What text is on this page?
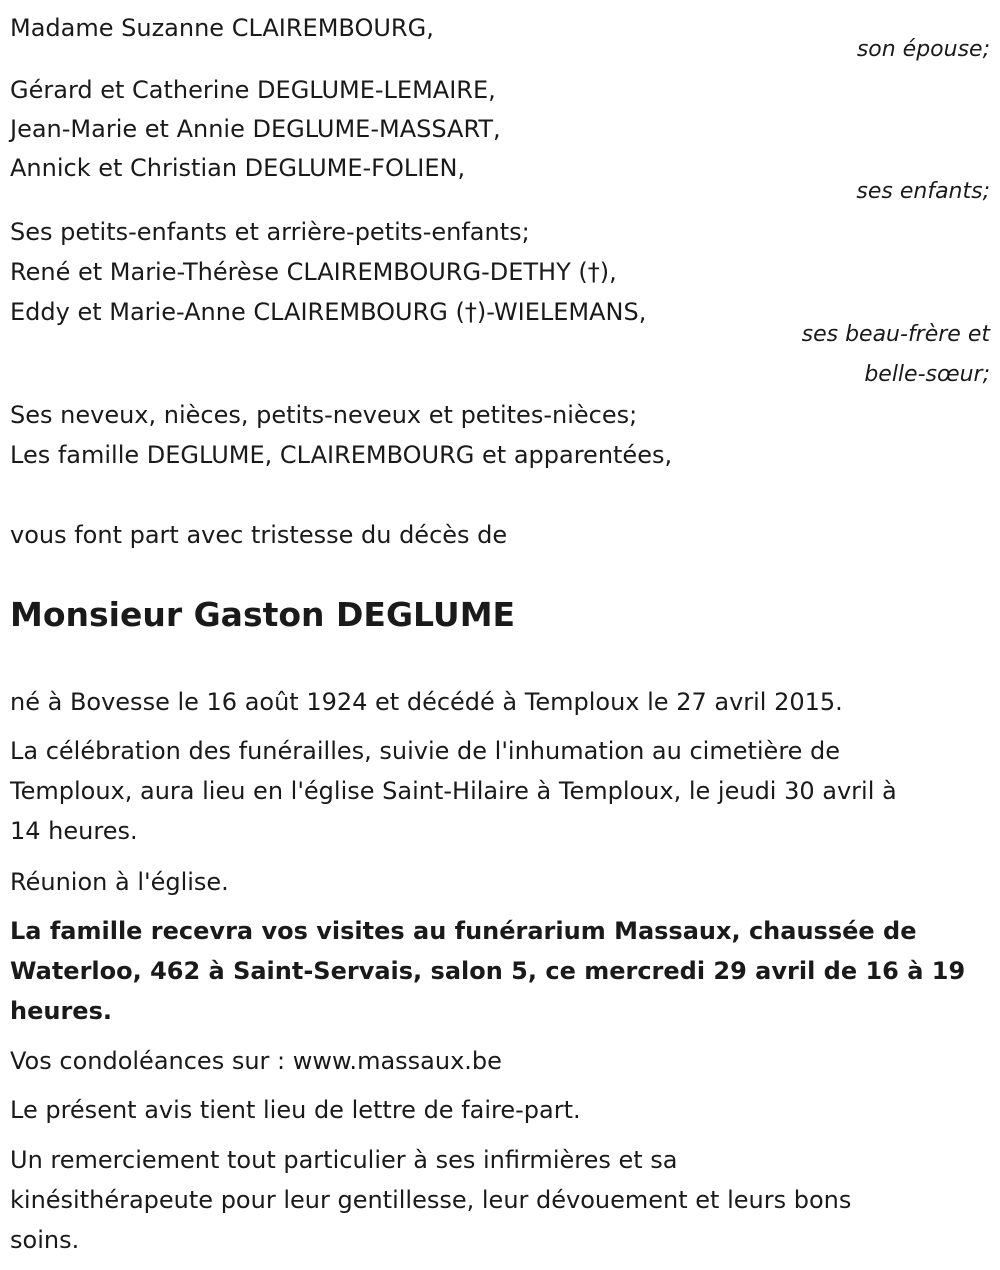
Madame Suzanne CLAIREMBOURG,
son épouse;
Gérard et Catherine DEGLUME-LEMAIRE,
Jean-Marie et Annie DEGLUME-MASSART,
Annick et Christian DEGLUME-FOLIEN,
ses enfants;
Ses petits-enfants et arrière-petits-enfants;
René et Marie-Thérèse CLAIREMBOURG-DETHY (†),
Eddy et Marie-Anne CLAIREMBOURG (†)-WIELEMANS,
ses beau-frère et
belle-sœur;
Ses neveux, nièces, petits-neveux et petites-nièces;
Les famille DEGLUME, CLAIREMBOURG et apparentées,
vous font part avec tristesse du décès de
Monsieur Gaston DEGLUME
né à Bovesse le 16 août 1924 et décédé à Temploux le 27 avril 2015.
La célébration des funérailles, suivie de l'inhumation au cimetière de
Temploux, aura lieu en l'église Saint-Hilaire à Temploux, le jeudi 30 avril à
14 heures.
Réunion à l'église.
La famille recevra vos visites au funérarium Massaux, chaussée de
Waterloo, 462 à Saint-Servais, salon 5, ce mercredi 29 avril de 16 à 19
heures.
Vos condoléances sur : www.massaux.be
Le présent avis tient lieu de lettre de faire-part.
Un remerciement tout particulier à ses infirmières et sa
kinésithérapeute pour leur gentillesse, leur dévouement et leurs bons
soins.
